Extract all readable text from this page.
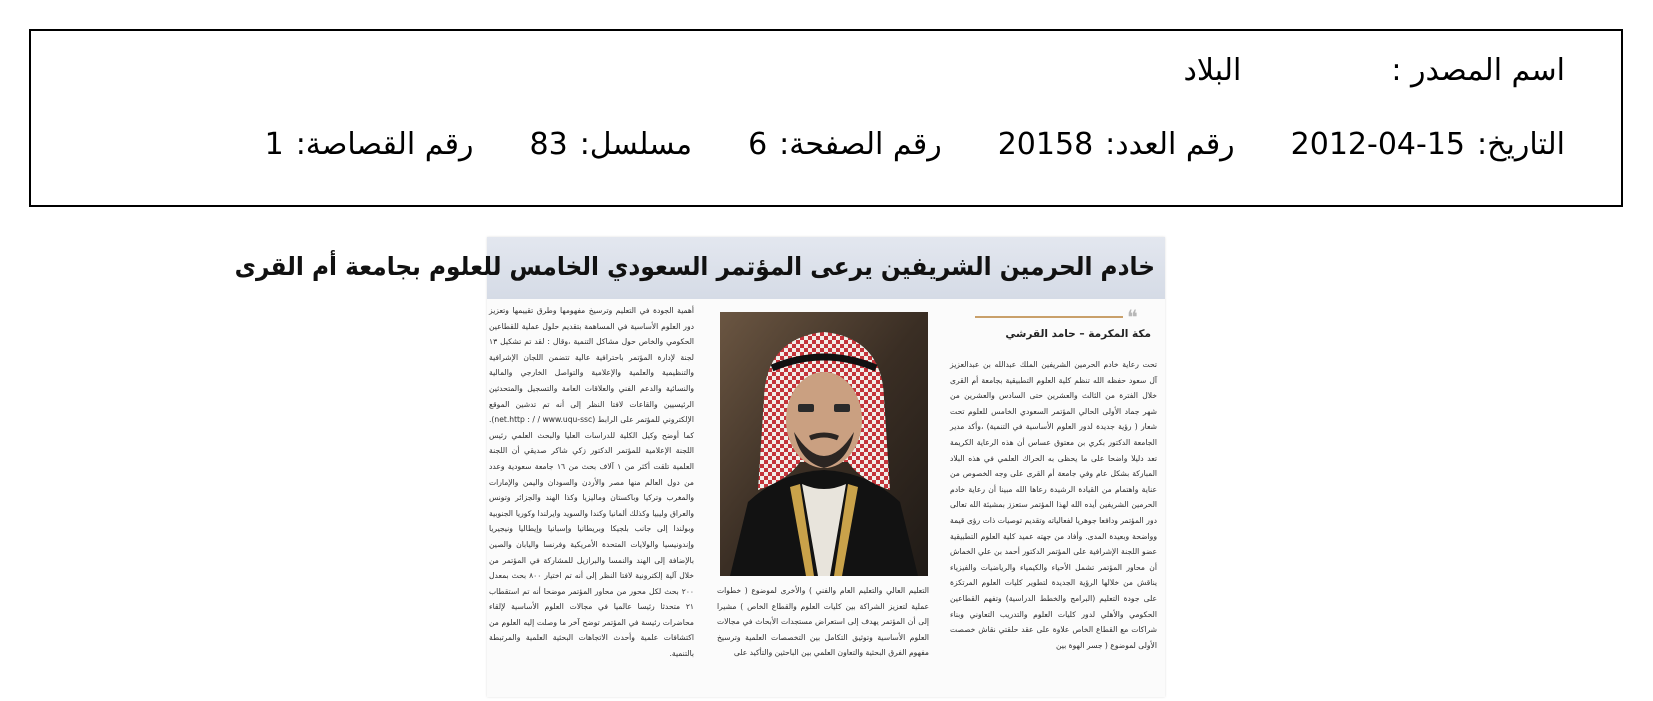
اسم المصدر :البلاد
التاريخ:2012-04-15رقم العدد:20158رقم الصفحة:6مسلسل:83رقم القصاصة:1
خادم الحرمين الشريفين يرعى المؤتمر السعودي الخامس للعلوم بجامعة أم القرى
❝
مكة المكرمة – حامد القرشي
تحت رعاية خادم الحرمين الشريفين الملك عبدالله بن عبدالعزيز آل سعود حفظه الله تنظم كلية العلوم التطبيقية بجامعة أم القرى خلال الفترة من الثالث والعشرين حتى السادس والعشرين من شهر جماد الأولى الحالي المؤتمر السعودي الخامس للعلوم تحت شعار ( رؤية جديدة لدور العلوم الأساسية في التنمية) ،وأكد مدير الجامعة الدكتور بكري بن معتوق عساس أن هذه الرعاية الكريمة تعد دليلا واضحا على ما يحظى به الحراك العلمي في هذه البلاد المباركة بشكل عام وفي جامعة أم القرى على وجه الخصوص من عناية واهتمام من القيادة الرشيدة رعاها الله مبينا أن رعاية خادم الحرمين الشريفين أيده الله لهذا المؤتمر ستعزز بمشيئة الله تعالى دور المؤتمر ودافعا جوهريا لفعالياته وتقديم توصيات ذات رؤى قيمة وواضحة وبعيدة المدى. وأفاد من جهته عميد كلية العلوم التطبيقية عضو اللجنة الإشرافية على المؤتمر الدكتور أحمد بن علي الخماش أن محاور المؤتمر تشمل الأحياء والكيمياء والرياضيات والفيزياء يناقش من خلالها الرؤية الجديدة لتطوير كليات العلوم المرتكزة على جودة التعليم (البرامج والخطط الدراسية) وتفهم القطاعين الحكومي والأهلي لدور كليات العلوم والتدريب التعاوني وبناء شراكات مع القطاع الخاص علاوة على عقد حلقتي نقاش خصصت الأولى لموضوع ( جسر الهوة بين
التعليم العالي والتعليم العام والفني ) والأخرى لموضوع ( خطوات عملية لتعزيز الشراكة بين كليات العلوم والقطاع الخاص ) مشيرا إلى أن المؤتمر يهدف إلى استعراض مستجدات الأبحاث في مجالات العلوم الأساسية وتوثيق التكامل بين التخصصات العلمية وترسيخ مفهوم الفرق البحثية والتعاون العلمي بين الباحثين والتأكيد على
أهمية الجودة في التعليم وترسيخ مفهومها وطرق تقييمها وتعزيز دور العلوم الأساسية في المساهمة بتقديم حلول عملية للقطاعين الحكومي والخاص حول مشاكل التنمية ،وقال : لقد تم تشكيل ١٣ لجنة لإدارة المؤتمر باحترافية عالية تتضمن اللجان الإشرافية والتنظيمية والعلمية والإعلامية والتواصل الخارجي والمالية والنسائية والدعم الفني والعلاقات العامة والتسجيل والمتحدثين الرئيسيين والقاعات لافتا النظر إلى أنه تم تدشين الموقع الإلكتروني للمؤتمر على الرابط (net.http : / / www.uqu-ssc). كما أوضح وكيل الكلية للدراسات العليا والبحث العلمي رئيس اللجنة الإعلامية للمؤتمر الدكتور زكي شاكر صديقي أن اللجنة العلمية تلقت أكثر من ١ آلاف بحث من ١٦ جامعة سعودية وعدد من دول العالم منها مصر والأردن والسودان واليمن والإمارات والمغرب وتركيا وباكستان وماليزيا وكذا الهند والجزائر وتونس والعراق وليبيا وكذلك ألمانيا وكندا والسويد وايرلندا وكوريا الجنوبية وبولندا إلى جانب بلجيكا وبريطانيا وإسبانيا وإيطاليا ونيجيريا وإندونيسيا والولايات المتحدة الأمريكية وفرنسا واليابان والصين بالإضافة إلى الهند والنمسا والبرازيل للمشاركة في المؤتمر من خلال آلية إلكترونية لافتا النظر إلى أنه تم اختيار ٨٠٠ بحث بمعدل ٢٠٠ بحث لكل محور من محاور المؤتمر موضحا أنه تم استقطاب ٢١ متحدثا رئيسا عالميا في مجالات العلوم الأساسية لإلقاء محاضرات رئيسة في المؤتمر توضح آخر ما وصلت إليه العلوم من اكتشافات علمية وأحدث الاتجاهات البحثية العلمية والمرتبطة بالتنمية.
